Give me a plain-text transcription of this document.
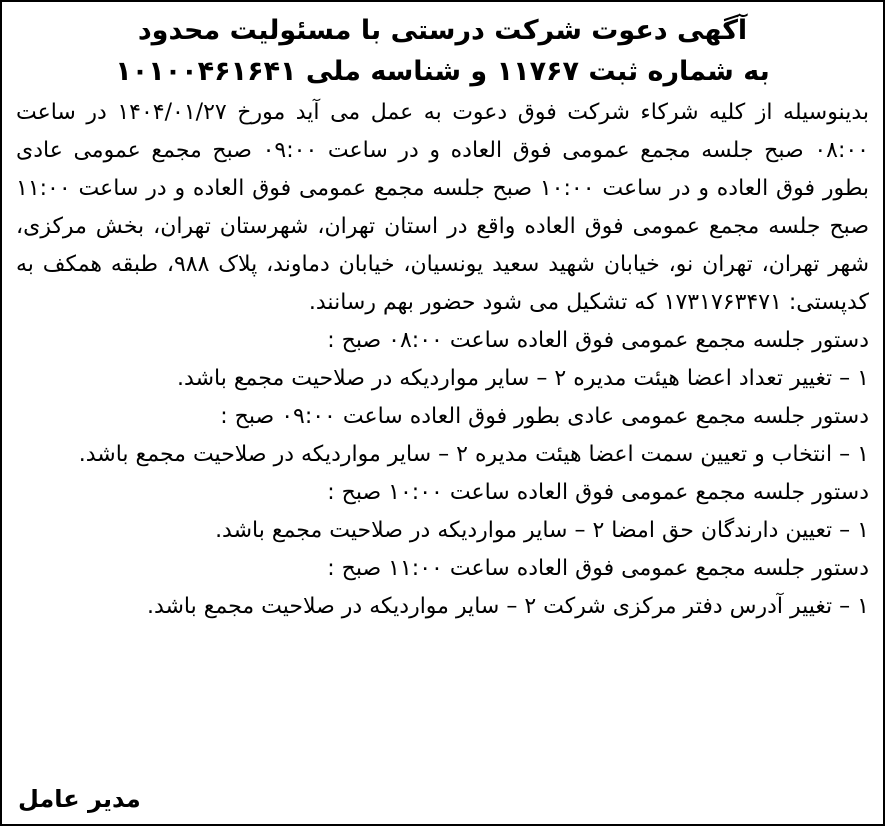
آگهی دعوت شرکت درستی با مسئولیت محدود
به شماره ثبت ۱۱۷۶۷ و شناسه ملی ۱۰۱۰۰۴۶۱۶۴۱

بدینوسیله از کلیه شرکاء شرکت فوق دعوت به عمل می آید مورخ ۱۴۰۴/۰۱/۲۷ در ساعت ۰۸:۰۰ صبح جلسه مجمع عمومی فوق العاده و در ساعت ۰۹:۰۰ صبح مجمع عمومی عادی بطور فوق العاده و در ساعت ۱۰:۰۰ صبح جلسه مجمع عمومی فوق العاده و در ساعت ۱۱:۰۰ صبح جلسه مجمع عمومی فوق العاده واقع در استان تهران، شهرستان تهران، بخش مرکزی، شهر تهران، تهران نو، خیابان شهید سعید یونسیان، خیابان دماوند، پلاک ۹۸۸، طبقه همکف به کدپستی: ۱۷۳۱۷۶۳۴۷۱ که تشکیل می شود حضور بهم رسانند.

دستور جلسه مجمع عمومی فوق العاده ساعت ۰۸:۰۰ صبح :
۱ – تغییر تعداد اعضا هیئت مدیره ۲ – سایر مواردیکه در صلاحیت مجمع باشد.
دستور جلسه مجمع عمومی عادی بطور فوق العاده ساعت ۰۹:۰۰ صبح :
۱ – انتخاب و تعیین سمت اعضا هیئت مدیره ۲ – سایر مواردیکه در صلاحیت مجمع باشد.
دستور جلسه مجمع عمومی فوق العاده ساعت ۱۰:۰۰ صبح :
۱ – تعیین دارندگان حق امضا ۲ – سایر مواردیکه در صلاحیت مجمع باشد.
دستور جلسه مجمع عمومی فوق العاده ساعت ۱۱:۰۰ صبح :
۱ – تغییر آدرس دفتر مرکزی شرکت ۲ – سایر مواردیکه در صلاحیت مجمع باشد.
مدیر عامل
